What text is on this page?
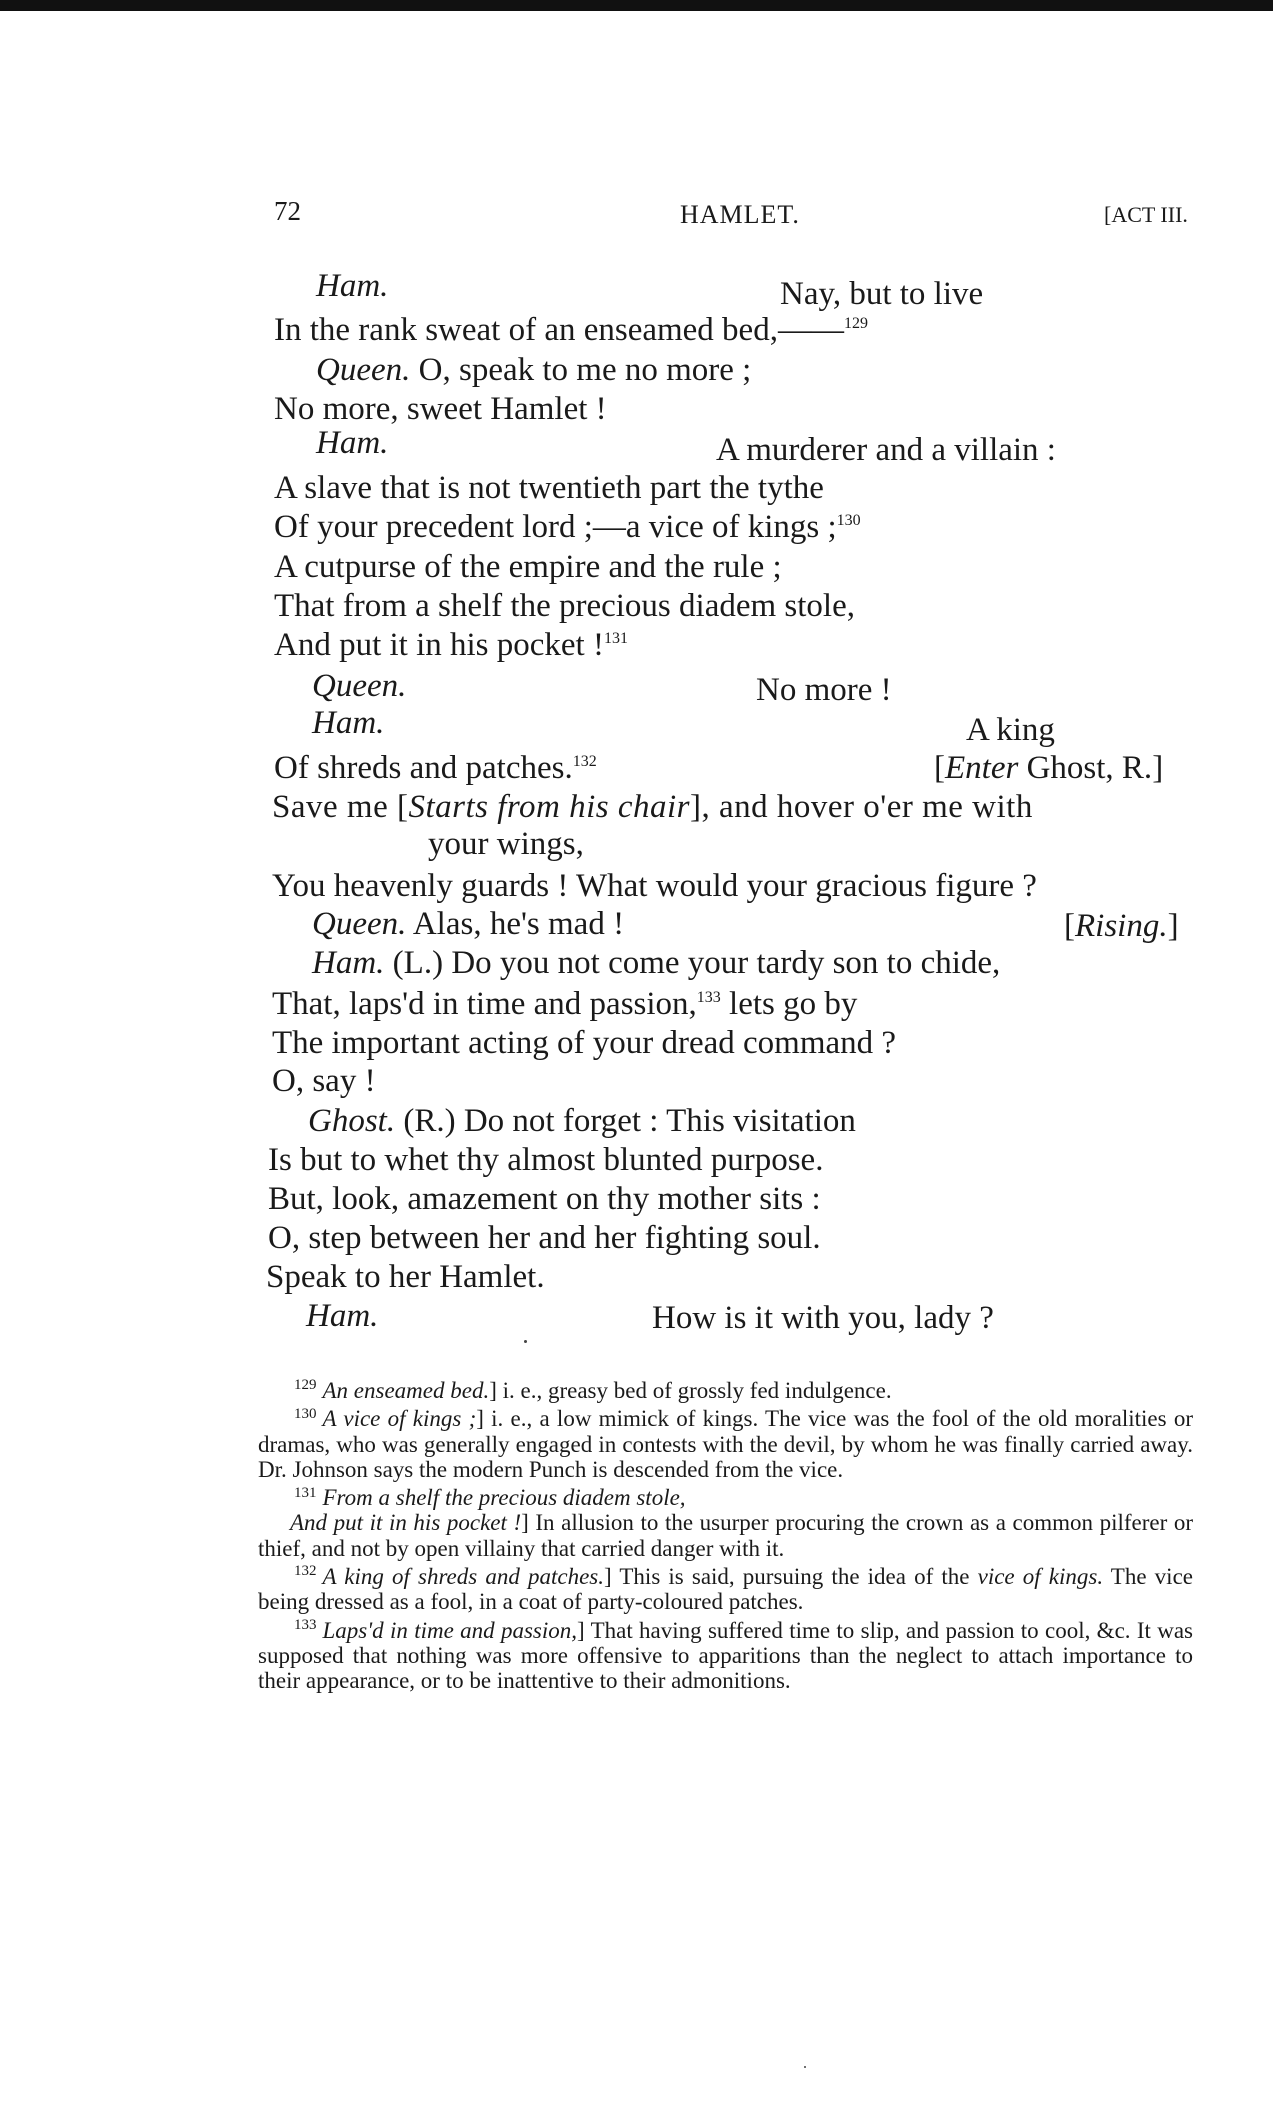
72	HAMLET.	[ACT III.
Ham.	Nay, but to live
In the rank sweat of an enseamed bed,——$^{129}$
Queen. O, speak to me no more ;
No more, sweet Hamlet !
Ham.	A murderer and a villain :
A slave that is not twentieth part the tythe
Of your precedent lord ;—a vice of kings ;$^{130}$
A cutpurse of the empire and the rule ;
That from a shelf the precious diadem stole,
And put it in his pocket !$^{131}$
Queen.	No more !
Ham.	A king
Of shreds and patches.$^{132}$	[Enter Ghost, R.]
Save me [Starts from his chair], and hover o'er me with
your wings,
You heavenly guards ! What would your gracious figure ?
Queen. Alas, he's mad !	[Rising.]
Ham. (L.) Do you not come your tardy son to chide,
That, laps'd in time and passion,$^{133}$ lets go by
The important acting of your dread command ?
O, say !
Ghost. (R.) Do not forget : This visitation
Is but to whet thy almost blunted purpose.
But, look, amazement on thy mother sits :
O, step between her and her fighting soul.
Speak to her Hamlet.
Ham.	How is it with you, lady ?

$^{129}$ An enseamed bed.] i. e., greasy bed of grossly fed indulgence.

$^{130}$ A vice of kings ;] i. e., a low mimick of kings. The vice was the fool of the old moralities or dramas, who was generally engaged in contests with the devil, by whom he was finally carried away. Dr. Johnson says the modern Punch is descended from the vice.

$^{131}$ From a shelf the precious diadem stole,
And put it in his pocket !] In allusion to the usurper procuring the crown as a common pilferer or thief, and not by open villainy that carried danger with it.

$^{132}$ A king of shreds and patches.] This is said, pursuing the idea of the vice of kings. The vice being dressed as a fool, in a coat of party-coloured patches.

$^{133}$ Laps'd in time and passion,] That having suffered time to slip, and passion to cool, &c. It was supposed that nothing was more offensive to apparitions than the neglect to attach importance to their appearance, or to be inattentive to their admonitions.
